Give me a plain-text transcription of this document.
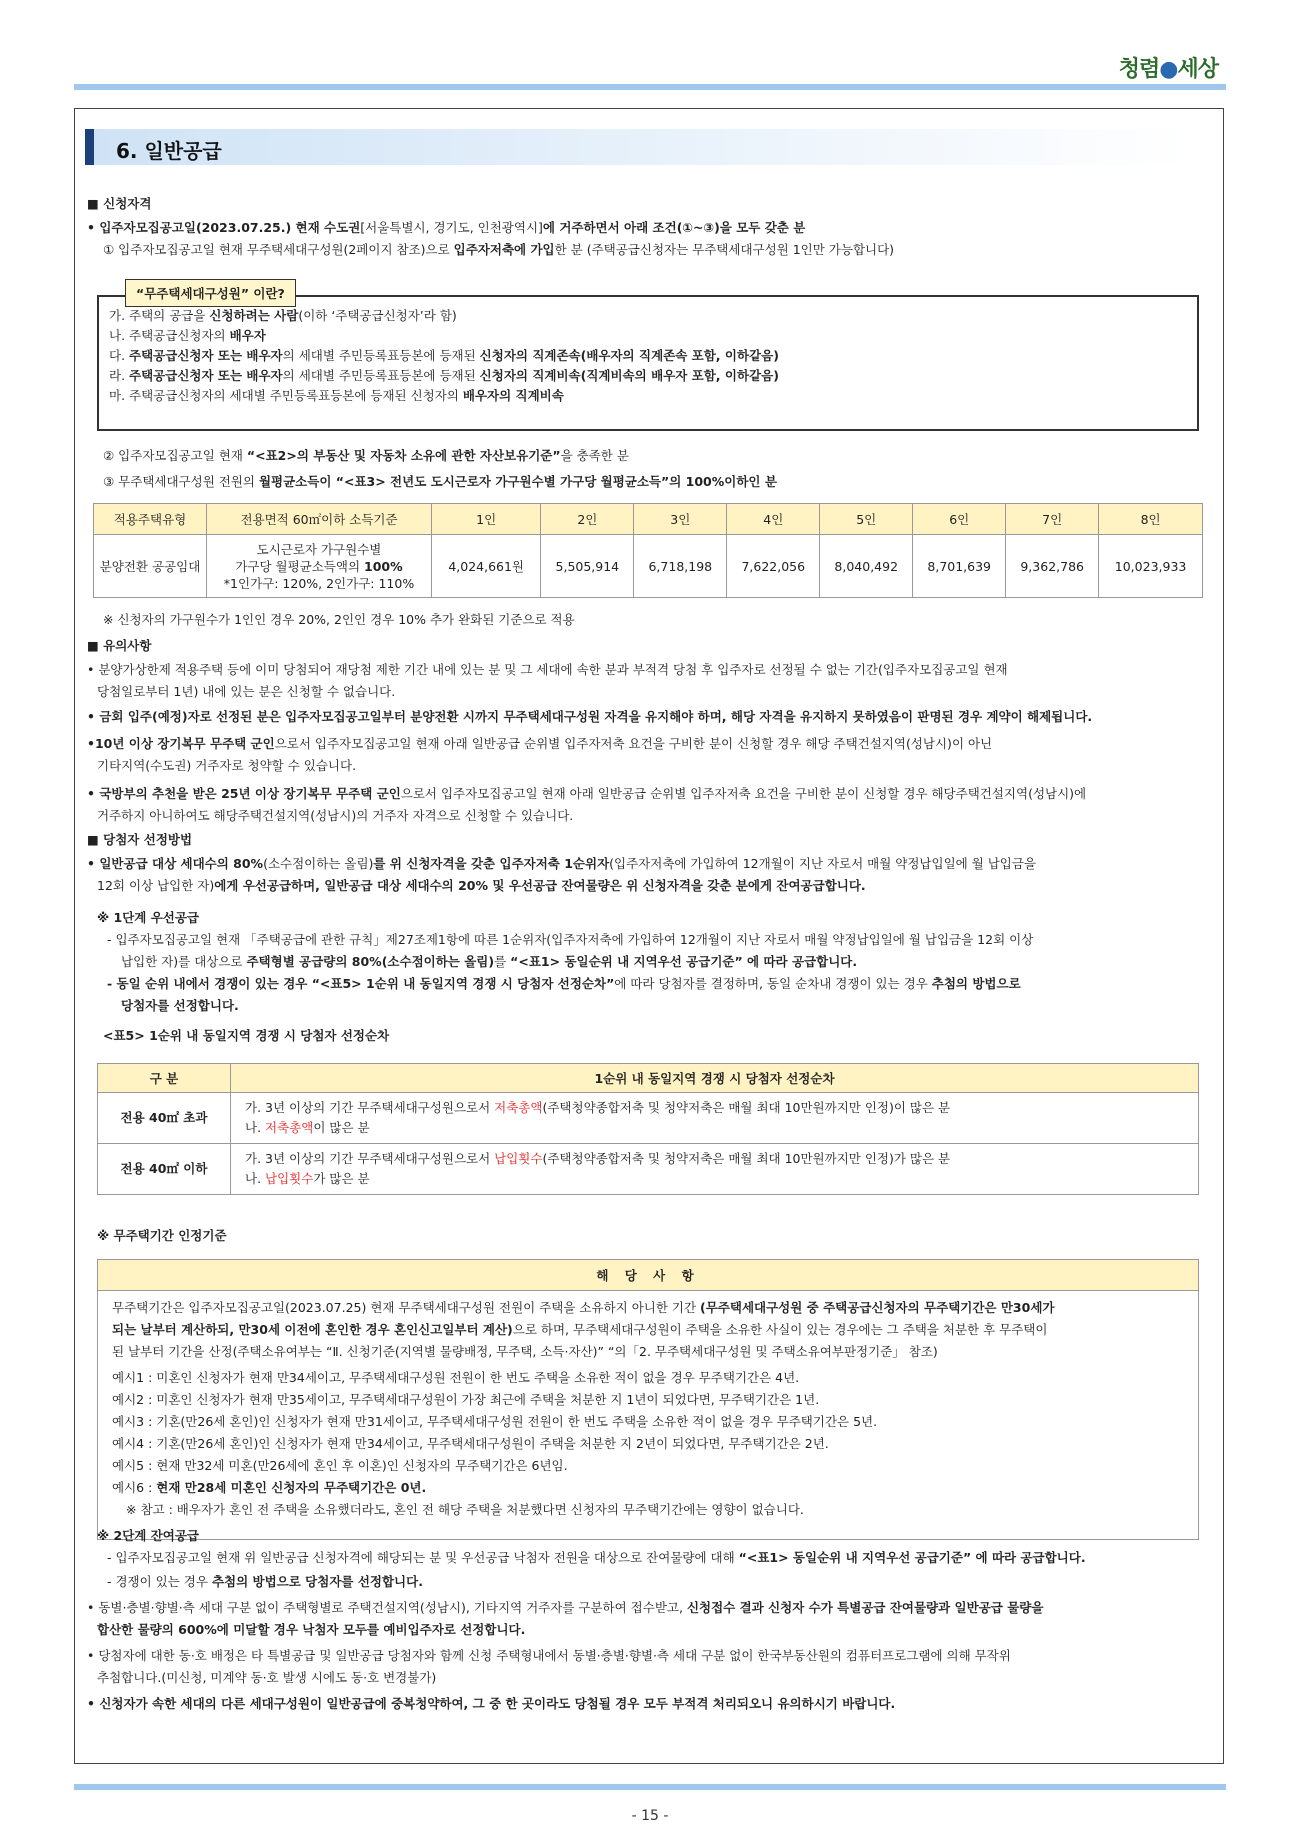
청렴●세상
6. 일반공급
■ 신청자격
• 입주자모집공고일(2023.07.25.) 현재 수도권[서울특별시, 경기도, 인천광역시]에 거주하면서 아래 조건(①~③)을 모두 갖춘 분
① 입주자모집공고일 현재 무주택세대구성원(2페이지 참조)으로 입주자저축에 가입한 분 (주택공급신청자는 무주택세대구성원 1인만 가능합니다)
“무주택세대구성원” 이란?
가. 주택의 공급을 신청하려는 사람(이하 ‘주택공급신청자’라 함)
나. 주택공급신청자의 배우자
다. 주택공급신청자 또는 배우자의 세대별 주민등록표등본에 등재된 신청자의 직계존속(배우자의 직계존속 포함, 이하같음)
라. 주택공급신청자 또는 배우자의 세대별 주민등록표등본에 등재된 신청자의 직계비속(직계비속의 배우자 포함, 이하같음)
마. 주택공급신청자의 세대별 주민등록표등본에 등재된 신청자의 배우자의 직계비속
② 입주자모집공고일 현재 “<표2>의 부동산 및 자동차 소유에 관한 자산보유기준”을 충족한 분
③ 무주택세대구성원 전원의 월평균소득이 “<표3> 전년도 도시근로자 가구원수별 가구당 월평균소득”의 100%이하인 분
적용주택유형	전용면적 60㎡이하 소득기준	1인	2인	3인	4인	5인	6인	7인	8인
분양전환 공공임대	도시근로자 가구원수별
가구당 월평균소득액의 100%
*1인가구: 120%, 2인가구: 110%	4,024,661원	5,505,914	6,718,198	7,622,056	8,040,492	8,701,639	9,362,786	10,023,933
※ 신청자의 가구원수가 1인인 경우 20%, 2인인 경우 10% 추가 완화된 기준으로 적용
■ 유의사항
• 분양가상한제 적용주택 등에 이미 당첨되어 재당첨 제한 기간 내에 있는 분 및 그 세대에 속한 분과 부적격 당첨 후 입주자로 선정될 수 없는 기간(입주자모집공고일 현재
당첨일로부터 1년) 내에 있는 분은 신청할 수 없습니다.
• 금회 입주(예정)자로 선정된 분은 입주자모집공고일부터 분양전환 시까지 무주택세대구성원 자격을 유지해야 하며, 해당 자격을 유지하지 못하였음이 판명된 경우 계약이 해제됩니다.
•10년 이상 장기복무 무주택 군인으로서 입주자모집공고일 현재 아래 일반공급 순위별 입주자저축 요건을 구비한 분이 신청할 경우 해당 주택건설지역(성남시)이 아닌
기타지역(수도권) 거주자로 청약할 수 있습니다.
• 국방부의 추천을 받은 25년 이상 장기복무 무주택 군인으로서 입주자모집공고일 현재 아래 일반공급 순위별 입주자저축 요건을 구비한 분이 신청할 경우 해당주택건설지역(성남시)에
거주하지 아니하여도 해당주택건설지역(성남시)의 거주자 자격으로 신청할 수 있습니다.
■ 당첨자 선정방법
• 일반공급 대상 세대수의 80%(소수점이하는 올림)를 위 신청자격을 갖춘 입주자저축 1순위자(입주자저축에 가입하여 12개월이 지난 자로서 매월 약정납입일에 월 납입금을
12회 이상 납입한 자)에게 우선공급하며, 일반공급 대상 세대수의 20% 및 우선공급 잔여물량은 위 신청자격을 갖춘 분에게 잔여공급합니다.
※ 1단계 우선공급
- 입주자모집공고일 현재 「주택공급에 관한 규칙」제27조제1항에 따른 1순위자(입주자저축에 가입하여 12개월이 지난 자로서 매월 약정납입일에 월 납입금을 12회 이상
납입한 자)를 대상으로 주택형별 공급량의 80%(소수점이하는 올림)를 “<표1> 동일순위 내 지역우선 공급기준” 에 따라 공급합니다.
- 동일 순위 내에서 경쟁이 있는 경우 “<표5> 1순위 내 동일지역 경쟁 시 당첨자 선정순차”에 따라 당첨자를 결정하며, 동일 순차내 경쟁이 있는 경우 추첨의 방법으로
당첨자를 선정합니다.
<표5> 1순위 내 동일지역 경쟁 시 당첨자 선정순차
구 분	1순위 내 동일지역 경쟁 시 당첨자 선정순차
전용 40㎡ 초과	가. 3년 이상의 기간 무주택세대구성원으로서 저축총액(주택청약종합저축 및 청약저축은 매월 최대 10만원까지만 인정)이 많은 분
나. 저축총액이 많은 분

전용 40㎡ 이하	가. 3년 이상의 기간 무주택세대구성원으로서 납입횟수(주택청약종합저축 및 청약저축은 매월 최대 10만원까지만 인정)가 많은 분
나. 납입횟수가 많은 분
※ 무주택기간 인정기준
해 당 사 항

무주택기간은 입주자모집공고일(2023.07.25) 현재 무주택세대구성원 전원이 주택을 소유하지 아니한 기간 (무주택세대구성원 중 주택공급신청자의 무주택기간은 만30세가
되는 날부터 계산하되, 만30세 이전에 혼인한 경우 혼인신고일부터 계산)으로 하며, 무주택세대구성원이 주택을 소유한 사실이 있는 경우에는 그 주택을 처분한 후 무주택이
된 날부터 기간을 산정(주택소유여부는 “Ⅱ. 신청기준(지역별 물량배정, 무주택, 소득·자산)” “의「2. 무주택세대구성원 및 주택소유여부판정기준」 참조)
예시1 : 미혼인 신청자가 현재 만34세이고, 무주택세대구성원 전원이 한 번도 주택을 소유한 적이 없을 경우 무주택기간은 4년.
예시2 : 미혼인 신청자가 현재 만35세이고, 무주택세대구성원이 가장 최근에 주택을 처분한 지 1년이 되었다면, 무주택기간은 1년.
예시3 : 기혼(만26세 혼인)인 신청자가 현재 만31세이고, 무주택세대구성원 전원이 한 번도 주택을 소유한 적이 없을 경우 무주택기간은 5년.
예시4 : 기혼(만26세 혼인)인 신청자가 현재 만34세이고, 무주택세대구성원이 주택을 처분한 지 2년이 되었다면, 무주택기간은 2년.
예시5 : 현재 만32세 미혼(만26세에 혼인 후 이혼)인 신청자의 무주택기간은 6년임.
예시6 : 현재 만28세 미혼인 신청자의 무주택기간은 0년.
※ 참고 : 배우자가 혼인 전 주택을 소유했더라도, 혼인 전 해당 주택을 처분했다면 신청자의 무주택기간에는 영향이 없습니다.
※ 2단계 잔여공급
- 입주자모집공고일 현재 위 일반공급 신청자격에 해당되는 분 및 우선공급 낙첨자 전원을 대상으로 잔여물량에 대해 “<표1> 동일순위 내 지역우선 공급기준” 에 따라 공급합니다.
- 경쟁이 있는 경우 추첨의 방법으로 당첨자를 선정합니다.
• 동별·층별·향별·측 세대 구분 없이 주택형별로 주택건설지역(성남시), 기타지역 거주자를 구분하여 접수받고, 신청접수 결과 신청자 수가 특별공급 잔여물량과 일반공급 물량을
합산한 물량의 600%에 미달할 경우 낙첨자 모두를 예비입주자로 선정합니다.
• 당첨자에 대한 동·호 배정은 타 특별공급 및 일반공급 당첨자와 함께 신청 주택형내에서 동별·층별·향별·측 세대 구분 없이 한국부동산원의 컴퓨터프로그램에 의해 무작위
추첨합니다.(미신청, 미계약 동·호 발생 시에도 동·호 변경불가)
• 신청자가 속한 세대의 다른 세대구성원이 일반공급에 중복청약하여, 그 중 한 곳이라도 당첨될 경우 모두 부적격 처리되오니 유의하시기 바랍니다.
- 15 -
